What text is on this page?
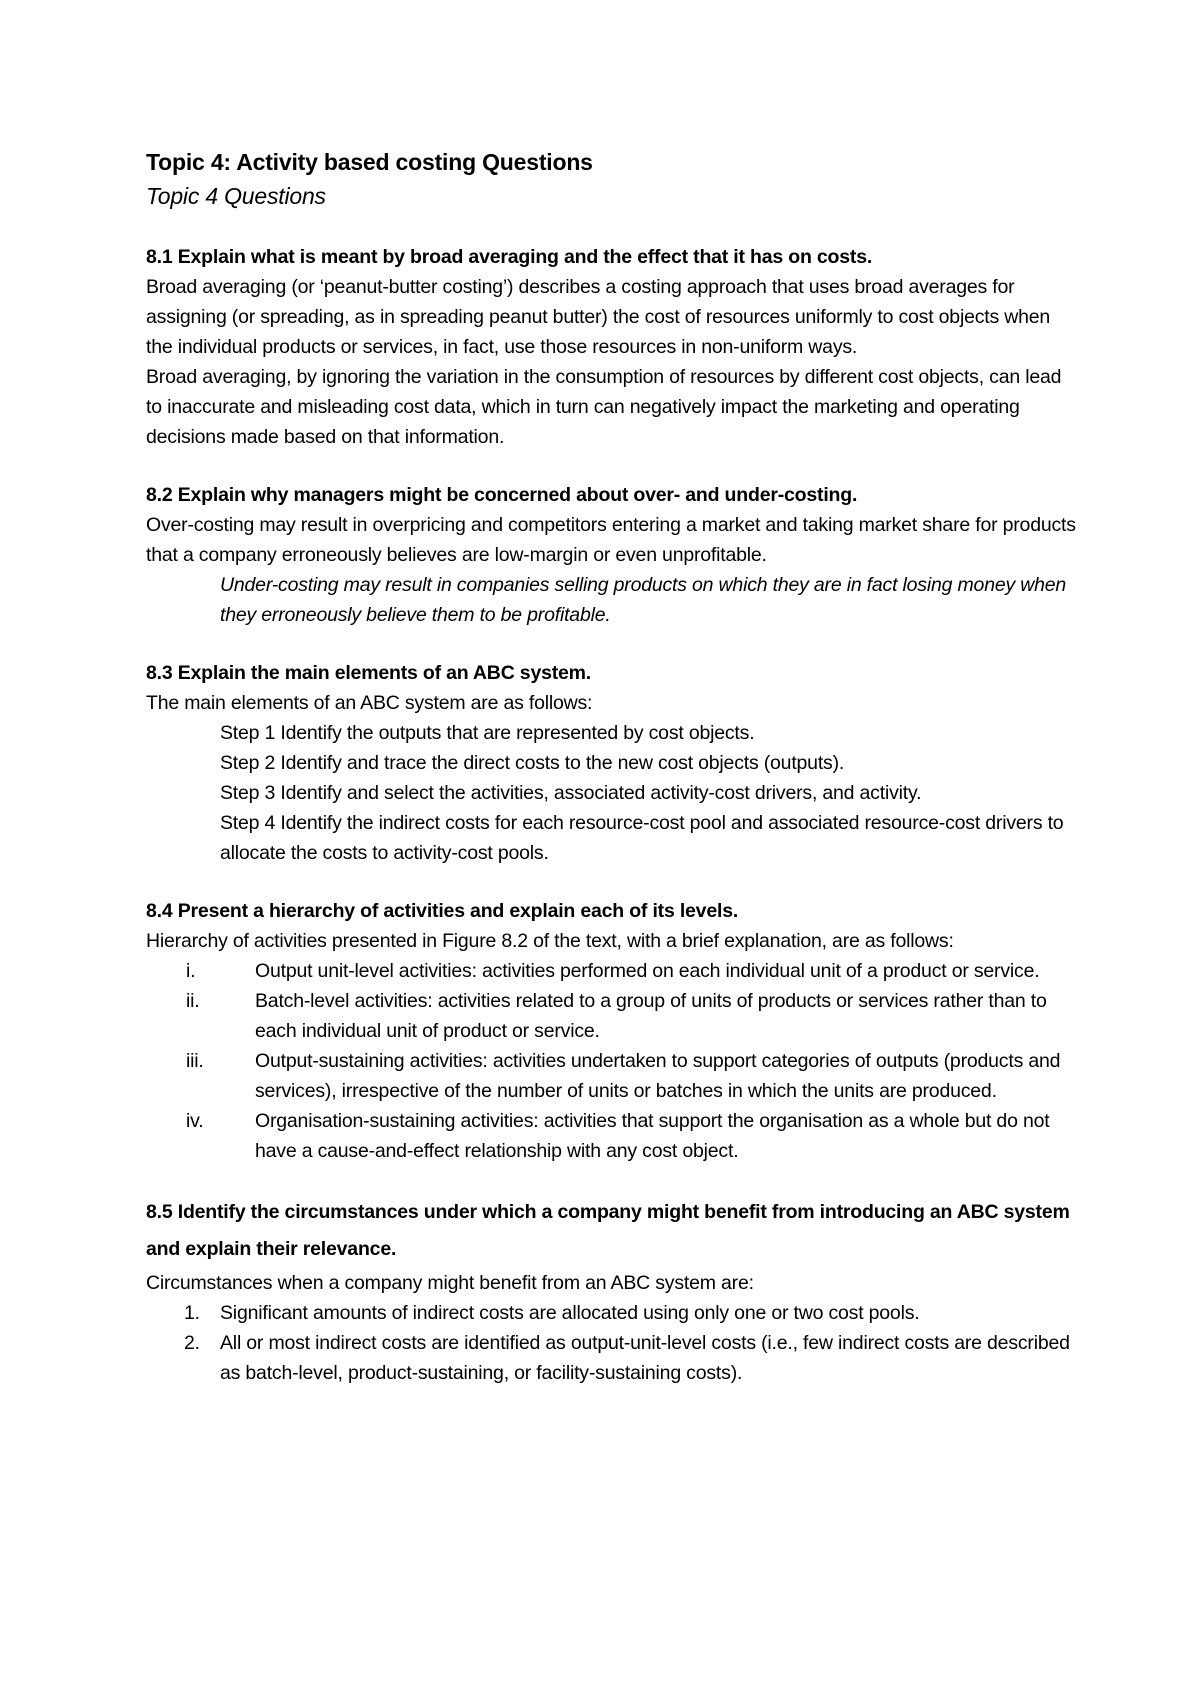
Topic 4: Activity based costing Questions
Topic 4 Questions

8.1 Explain what is meant by broad averaging and the effect that it has on costs.

Broad averaging (or ‘peanut-butter costing’) describes a costing approach that uses broad averages for assigning (or spreading, as in spreading peanut butter) the cost of resources uniformly to cost objects when the individual products or services, in fact, use those resources in non-uniform ways.

Broad averaging, by ignoring the variation in the consumption of resources by different cost objects, can lead to inaccurate and misleading cost data, which in turn can negatively impact the marketing and operating decisions made based on that information.

8.2 Explain why managers might be concerned about over- and under-costing.

Over-costing may result in overpricing and competitors entering a market and taking market share for products that a company erroneously believes are low-margin or even unprofitable.

Under-costing may result in companies selling products on which they are in fact losing money when they erroneously believe them to be profitable.

8.3 Explain the main elements of an ABC system.

The main elements of an ABC system are as follows:

Step 1 Identify the outputs that are represented by cost objects.

Step 2 Identify and trace the direct costs to the new cost objects (outputs).

Step 3 Identify and select the activities, associated activity-cost drivers, and activity.

Step 4 Identify the indirect costs for each resource-cost pool and associated resource-cost drivers to allocate the costs to activity-cost pools.

8.4 Present a hierarchy of activities and explain each of its levels.

Hierarchy of activities presented in Figure 8.2 of the text, with a brief explanation, are as follows:

i.	Output unit-level activities: activities performed on each individual unit of a product or service.
ii.	Batch-level activities: activities related to a group of units of products or services rather than to each individual unit of product or service.
iii.	Output-sustaining activities: activities undertaken to support categories of outputs (products and services), irrespective of the number of units or batches in which the units are produced.
iv.	Organisation-sustaining activities: activities that support the organisation as a whole but do not have a cause-and-effect relationship with any cost object.

8.5 Identify the circumstances under which a company might benefit from introducing an ABC system and explain their relevance.

Circumstances when a company might benefit from an ABC system are:

1.	Significant amounts of indirect costs are allocated using only one or two cost pools.
2.	All or most indirect costs are identified as output-unit-level costs (i.e., few indirect costs are described as batch-level, product-sustaining, or facility-sustaining costs).
